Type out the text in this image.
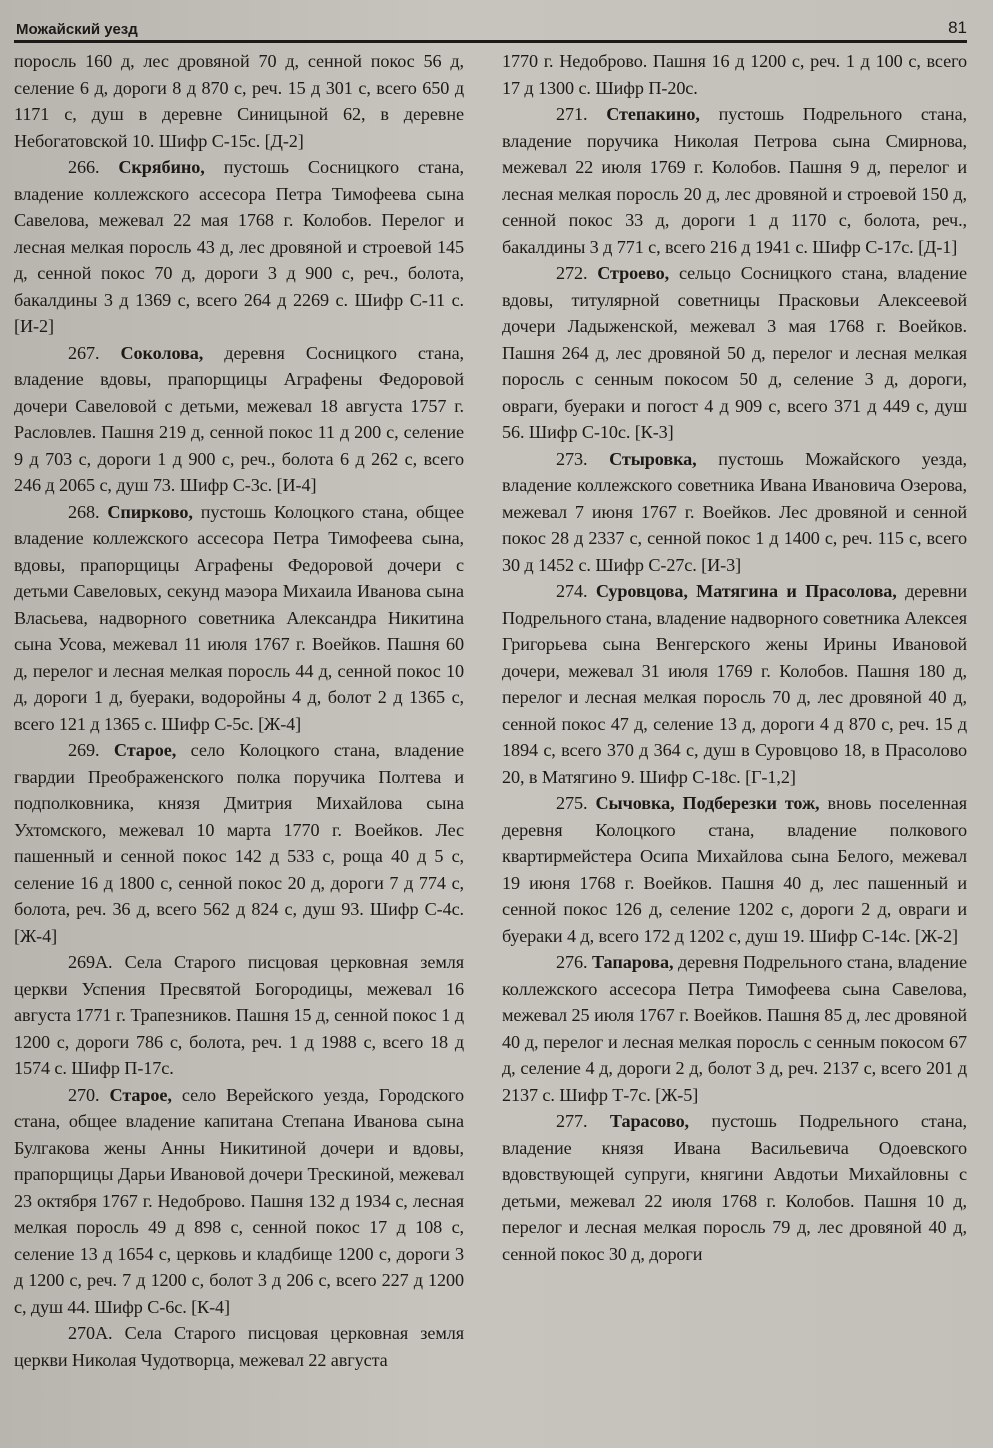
Можайский уезд	81

поросль 160 д, лес дровяной 70 д, сенной покос 56 д, селение 6 д, дороги 8 д 870 с, реч. 15 д 301 с, всего 650 д 1171 с, душ в деревне Синицыной 62, в деревне Небогатовской 10. Шифр С-15с. [Д-2]

266. Скрябино, пустошь Сосницкого стана, владение коллежского ассесора Петра Тимофеева сына Савелова, межевал 22 мая 1768 г. Колобов. Перелог и лесная мелкая поросль 43 д, лес дровяной и строевой 145 д, сенной покос 70 д, дороги 3 д 900 с, реч., болота, бакалдины 3 д 1369 с, всего 264 д 2269 с. Шифр С-11 с. [И-2]

267. Соколова, деревня Сосницкого стана, владение вдовы, прапорщицы Аграфены Федоровой дочери Савеловой с детьми, межевал 18 августа 1757 г. Расловлев. Пашня 219 д, сенной покос 11 д 200 с, селение 9 д 703 с, дороги 1 д 900 с, реч., болота 6 д 262 с, всего 246 д 2065 с, душ 73. Шифр С-3с. [И-4]

268. Спирково, пустошь Колоцкого стана, общее владение коллежского ассесора Петра Тимофеева сына, вдовы, прапорщицы Аграфены Федоровой дочери с детьми Савеловых, секунд маэора Михаила Иванова сына Власьева, надворного советника Александра Никитина сына Усова, межевал 11 июля 1767 г. Воейков. Пашня 60 д, перелог и лесная мелкая поросль 44 д, сенной покос 10 д, дороги 1 д, буераки, водоройны 4 д, болот 2 д 1365 с, всего 121 д 1365 с. Шифр С-5с. [Ж-4]

269. Старое, село Колоцкого стана, владение гвардии Преображенского полка поручика Полтева и подполковника, князя Дмитрия Михайлова сына Ухтомского, межевал 10 марта 1770 г. Воейков. Лес пашенный и сенной покос 142 д 533 с, роща 40 д 5 с, селение 16 д 1800 с, сенной покос 20 д, дороги 7 д 774 с, болота, реч. 36 д, всего 562 д 824 с, душ 93. Шифр С-4с. [Ж-4]

269А. Села Старого писцовая церковная земля церкви Успения Пресвятой Богородицы, межевал 16 августа 1771 г. Трапезников. Пашня 15 д, сенной покос 1 д 1200 с, дороги 786 с, болота, реч. 1 д 1988 с, всего 18 д 1574 с. Шифр П-17с.

270. Старое, село Верейского уезда, Городского стана, общее владение капитана Степана Иванова сына Булгакова жены Анны Никитиной дочери и вдовы, прапорщицы Дарьи Ивановой дочери Трескиной, межевал 23 октября 1767 г. Недоброво. Пашня 132 д 1934 с, лесная мелкая поросль 49 д 898 с, сенной покос 17 д 108 с, селение 13 д 1654 с, церковь и кладбище 1200 с, дороги 3 д 1200 с, реч. 7 д 1200 с, болот 3 д 206 с, всего 227 д 1200 с, душ 44. Шифр С-6с. [К-4]

270А. Села Старого писцовая церковная земля церкви Николая Чудотворца, межевал 22 августа

1770 г. Недоброво. Пашня 16 д 1200 с, реч. 1 д 100 с, всего 17 д 1300 с. Шифр П-20с.

271. Степакино, пустошь Подрельного стана, владение поручика Николая Петрова сына Смирнова, межевал 22 июля 1769 г. Колобов. Пашня 9 д, перелог и лесная мелкая поросль 20 д, лес дровяной и строевой 150 д, сенной покос 33 д, дороги 1 д 1170 с, болота, реч., бакалдины 3 д 771 с, всего 216 д 1941 с. Шифр С-17с. [Д-1]

272. Строево, сельцо Сосницкого стана, владение вдовы, титулярной советницы Прасковьи Алексеевой дочери Ладыженской, межевал 3 мая 1768 г. Воейков. Пашня 264 д, лес дровяной 50 д, перелог и лесная мелкая поросль с сенным покосом 50 д, селение 3 д, дороги, овраги, буераки и погост 4 д 909 с, всего 371 д 449 с, душ 56. Шифр С-10с. [К-3]

273. Стыровка, пустошь Можайского уезда, владение коллежского советника Ивана Ивановича Озерова, межевал 7 июня 1767 г. Воейков. Лес дровяной и сенной покос 28 д 2337 с, сенной покос 1 д 1400 с, реч. 115 с, всего 30 д 1452 с. Шифр С-27с. [И-3]

274. Суровцова, Матягина и Прасолова, деревни Подрельного стана, владение надворного советника Алексея Григорьева сына Венгерского жены Ирины Ивановой дочери, межевал 31 июля 1769 г. Колобов. Пашня 180 д, перелог и лесная мелкая поросль 70 д, лес дровяной 40 д, сенной покос 47 д, селение 13 д, дороги 4 д 870 с, реч. 15 д 1894 с, всего 370 д 364 с, душ в Суровцово 18, в Прасолово 20, в Матягино 9. Шифр С-18с. [Г-1,2]

275. Сычовка, Подберезки тож, вновь поселенная деревня Колоцкого стана, владение полкового квартирмейстера Осипа Михайлова сына Белого, межевал 19 июня 1768 г. Воейков. Пашня 40 д, лес пашенный и сенной покос 126 д, селение 1202 с, дороги 2 д, овраги и буераки 4 д, всего 172 д 1202 с, душ 19. Шифр С-14с. [Ж-2]

276. Тапарова, деревня Подрельного стана, владение коллежского ассесора Петра Тимофеева сына Савелова, межевал 25 июля 1767 г. Воейков. Пашня 85 д, лес дровяной 40 д, перелог и лесная мелкая поросль с сенным покосом 67 д, селение 4 д, дороги 2 д, болот 3 д, реч. 2137 с, всего 201 д 2137 с. Шифр Т-7с. [Ж-5]

277. Тарасово, пустошь Подрельного стана, владение князя Ивана Васильевича Одоевского вдовствующей супруги, княгини Авдотьи Михайловны с детьми, межевал 22 июля 1768 г. Колобов. Пашня 10 д, перелог и лесная мелкая поросль 79 д, лес дровяной 40 д, сенной покос 30 д, дороги
